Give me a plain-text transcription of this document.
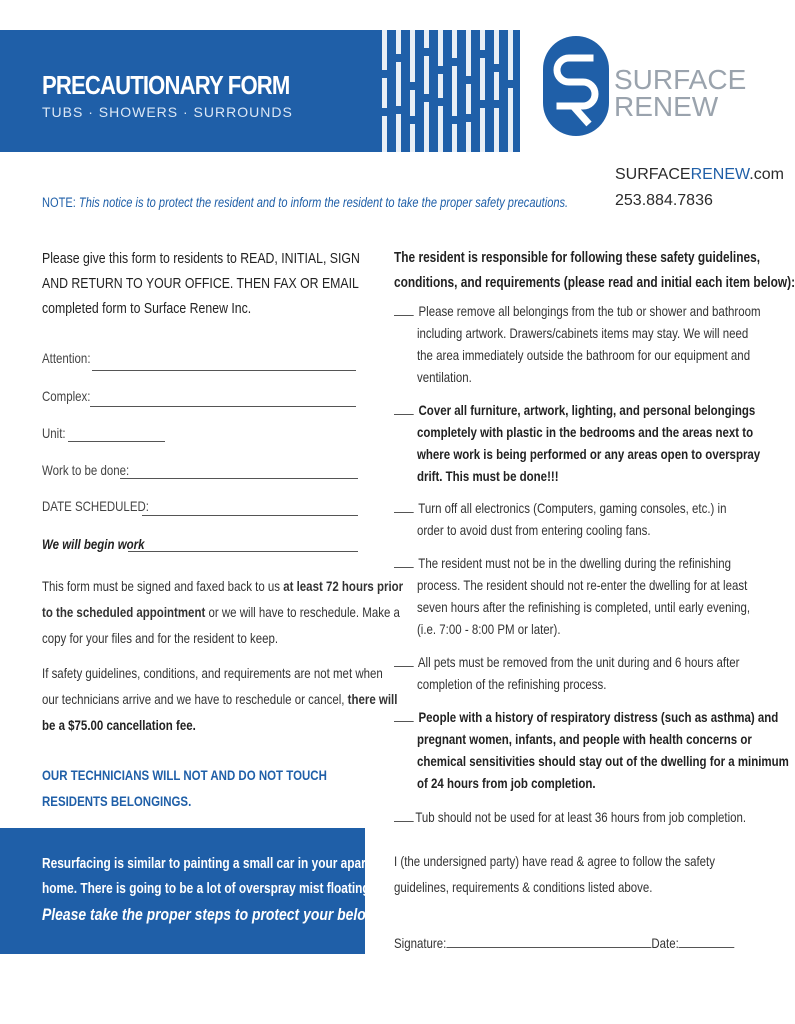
PRECAUTIONARY FORM
TUBS · SHOWERS · SURROUNDS
SURFACE
RENEW
SURFACERENEW.com
253.884.7836
NOTE: This notice is to protect the resident and to inform the resident to take the proper safety precautions.
Please give this form to residents to READ, INITIAL, SIGN
AND RETURN TO YOUR OFFICE. THEN FAX OR EMAIL
completed form to Surface Renew Inc.
Attention:
Complex:
Unit:
Work to be done:
DATE SCHEDULED:
We will begin work
This form must be signed and faxed back to us at least 72 hours prior
to the scheduled appointment or we will have to reschedule. Make a
copy for your files and for the resident to keep.
If safety guidelines, conditions, and requirements are not met when
our technicians arrive and we have to reschedule or cancel, there will
be a $75.00 cancellation fee.
OUR TECHNICIANS WILL NOT AND DO NOT TOUCH
RESIDENTS BELONGINGS.
Resurfacing is similar to painting a small car in your apartment
home. There is going to be a lot of overspray mist floating around.
Please take the proper steps to protect your belongings.
The resident is responsible for following these safety guidelines,
conditions, and requirements (please read and initial each item below):
Please remove all belongings from the tub or shower and bathroom
including artwork. Drawers/cabinets items may stay. We will need
the area immediately outside the bathroom for our equipment and
ventilation.
Cover all furniture, artwork, lighting, and personal belongings
completely with plastic in the bedrooms and the areas next to
where work is being performed or any areas open to overspray
drift. This must be done!!!
Turn off all electronics (Computers, gaming consoles, etc.) in
order to avoid dust from entering cooling fans.
The resident must not be in the dwelling during the refinishing
process. The resident should not re-enter the dwelling for at least
seven hours after the refinishing is completed, until early evening,
(i.e. 7:00 - 8:00 PM or later).
All pets must be removed from the unit during and 6 hours after
completion of the refinishing process.
People with a history of respiratory distress (such as asthma) and
pregnant women, infants, and people with health concerns or
chemical sensitivities should stay out of the dwelling for a minimum
of 24 hours from job completion.
Tub should not be used for at least 36 hours from job completion.
I (the undersigned party) have read & agree to follow the safety
guidelines, requirements & conditions listed above.
Signature:	Date:
